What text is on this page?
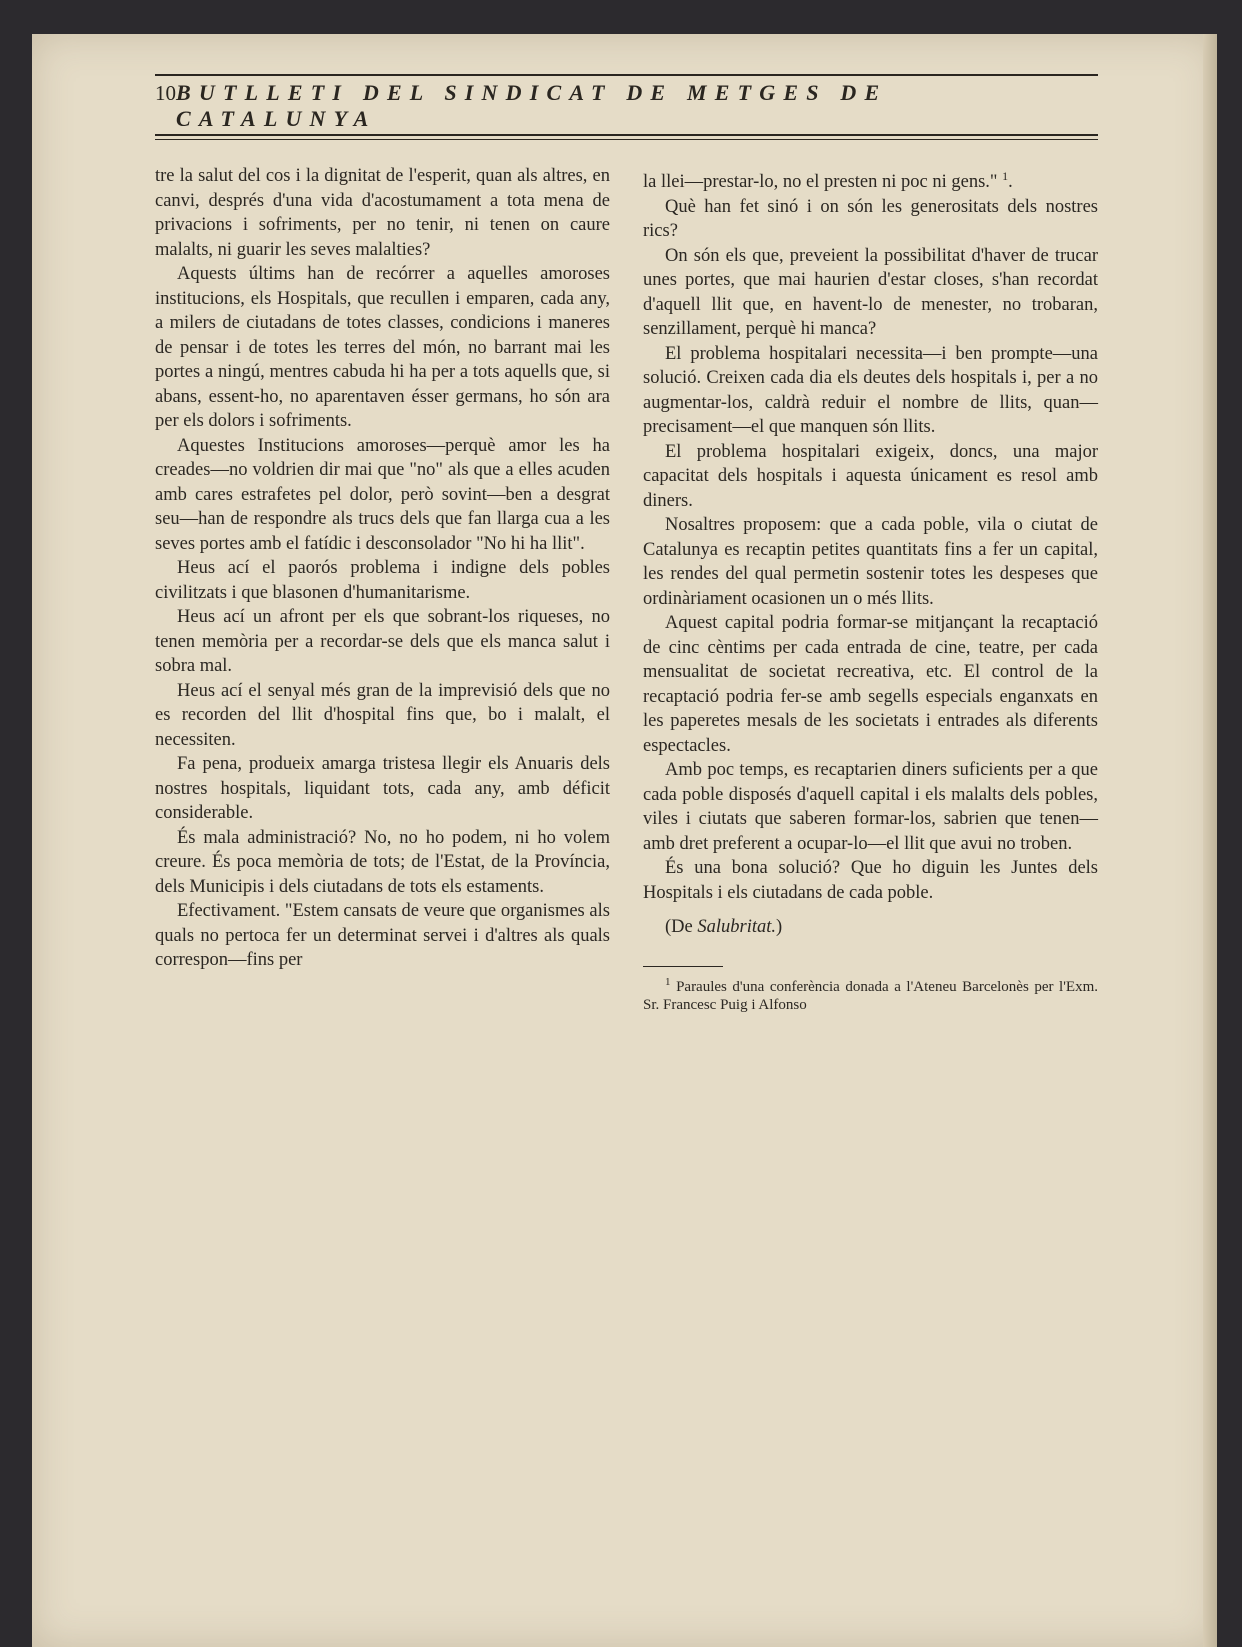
10 BUTLLETI DEL SINDICAT DE METGES DE CATALUNYA

tre la salut del cos i la dignitat de l'esperit, quan als altres, en canvi, després d'una vida d'acostumament a tota mena de privacions i sofriments, per no tenir, ni tenen on caure malalts, ni guarir les seves malalties?

Aquests últims han de recórrer a aquelles amoroses institucions, els Hospitals, que recullen i emparen, cada any, a milers de ciutadans de totes classes, condicions i maneres de pensar i de totes les terres del món, no barrant mai les portes a ningú, mentres cabuda hi ha per a tots aquells que, si abans, essent-ho, no aparentaven ésser germans, ho són ara per els dolors i sofriments.

Aquestes Institucions amoroses—perquè amor les ha creades—no voldrien dir mai que "no" als que a elles acuden amb cares estrafetes pel dolor, però sovint—ben a desgrat seu—han de respondre als trucs dels que fan llarga cua a les seves portes amb el fatídic i desconsolador "No hi ha llit".

Heus ací el paorós problema i indigne dels pobles civilitzats i que blasonen d'humanitarisme.

Heus ací un afront per els que sobrant-los riqueses, no tenen memòria per a recordar-se dels que els manca salut i sobra mal.

Heus ací el senyal més gran de la imprevisió dels que no es recorden del llit d'hospital fins que, bo i malalt, el necessiten.

Fa pena, produeix amarga tristesa llegir els Anuaris dels nostres hospitals, liquidant tots, cada any, amb déficit considerable.

És mala administració? No, no ho podem, ni ho volem creure. És poca memòria de tots; de l'Estat, de la Província, dels Municipis i dels ciutadans de tots els estaments.

Efectivament. "Estem cansats de veure que organismes als quals no pertoca fer un determinat servei i d'altres als quals correspon—fins per

la llei—prestar-lo, no el presten ni poc ni gens." $^1$.

Què han fet sinó i on són les generositats dels nostres rics?

On són els que, preveient la possibilitat d'haver de trucar unes portes, que mai haurien d'estar closes, s'han recordat d'aquell llit que, en havent-lo de menester, no trobaran, senzillament, perquè hi manca?

El problema hospitalari necessita—i ben prompte—una solució. Creixen cada dia els deutes dels hospitals i, per a no augmentar-los, caldrà reduir el nombre de llits, quan—precisament—el que manquen són llits.

El problema hospitalari exigeix, doncs, una major capacitat dels hospitals i aquesta únicament es resol amb diners.

Nosaltres proposem: que a cada poble, vila o ciutat de Catalunya es recaptin petites quantitats fins a fer un capital, les rendes del qual permetin sostenir totes les despeses que ordinàriament ocasionen un o més llits.

Aquest capital podria formar-se mitjançant la recaptació de cinc cèntims per cada entrada de cine, teatre, per cada mensualitat de societat recreativa, etc. El control de la recaptació podria fer-se amb segells especials enganxats en les paperetes mesals de les societats i entrades als diferents espectacles.

Amb poc temps, es recaptarien diners suficients per a que cada poble disposés d'aquell capital i els malalts dels pobles, viles i ciutats que saberen formar-los, sabrien que tenen—amb dret preferent a ocupar-lo—el llit que avui no troben.

És una bona solució? Que ho diguin les Juntes dels Hospitals i els ciutadans de cada poble.

(De Salubritat.)

$^1$ Paraules d'una conferència donada a l'Ateneu Barcelonès per l'Exm. Sr. Francesc Puig i Alfonso
